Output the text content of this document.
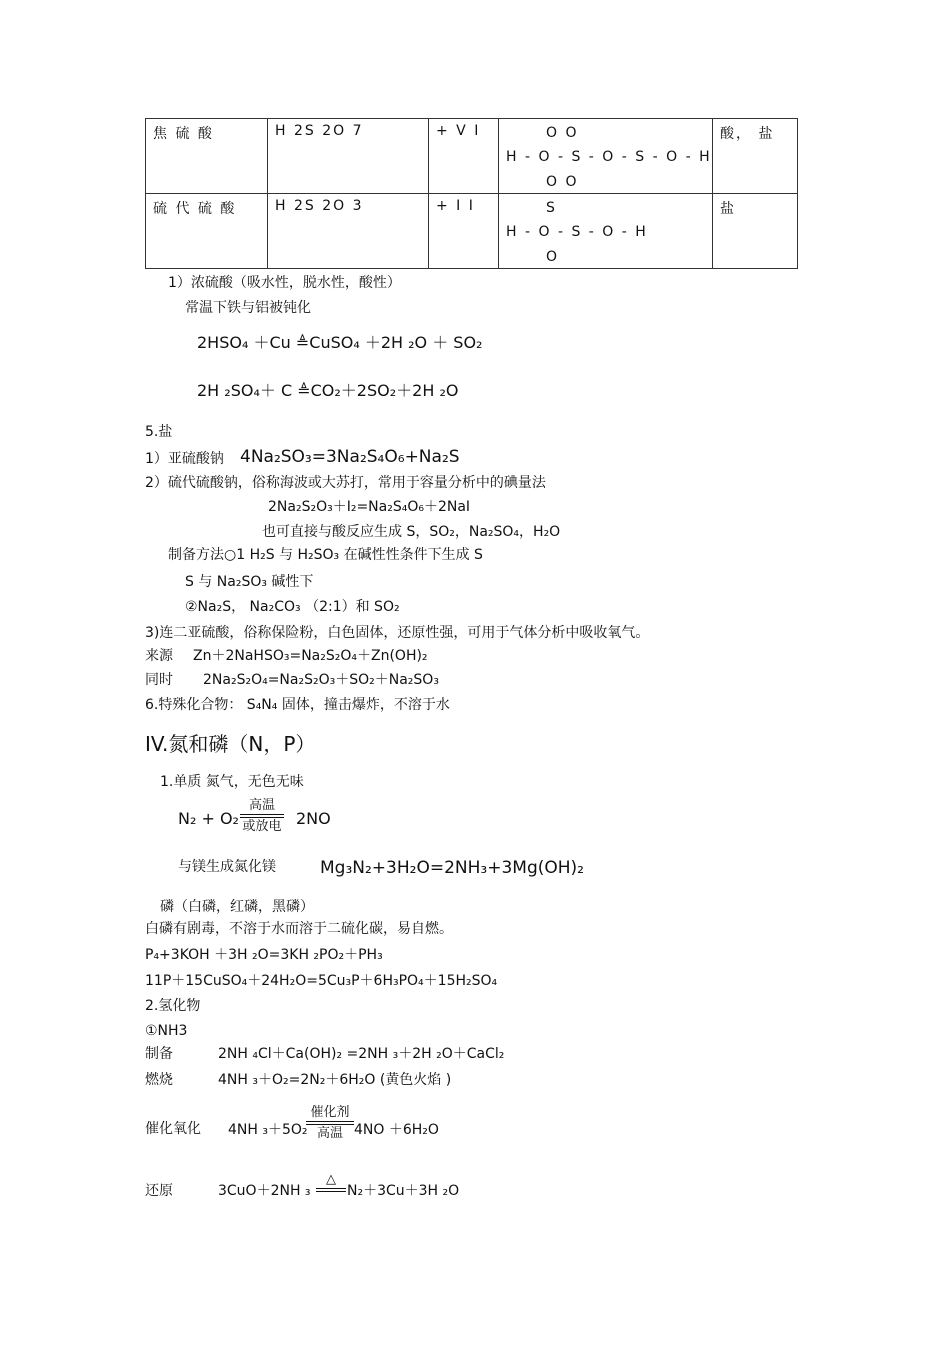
焦 硫 酸	H 2S 2O 7	+ V I	O O
H - O - S - O - S - O - H
O O	酸， 盐

硫 代 硫 酸	H 2S 2O 3	+ I I	S
H - O - S - O - H
O	盐
1）浓硫酸（吸水性，脱水性，酸性）
常温下铁与铝被钝化
2HSO₄ ＋Cu ≜CuSO₄ ＋2H ₂O ＋ SO₂
2H ₂SO₄＋ C ≜CO₂＋2SO₂＋2H ₂O
5.盐
1）亚硫酸钠 4Na₂SO₃=3Na₂S₄O₆+Na₂S
2）硫代硫酸钠，俗称海波或大苏打，常用于容量分析中的碘量法
2Na₂S₂O₃＋I₂=Na₂S₄O₆＋2NaI
也可直接与酸反应生成 S，SO₂，Na₂SO₄，H₂O
制备方法○1 H₂S 与 H₂SO₃ 在碱性性条件下生成 S
S 与 Na₂SO₃ 碱性下
②Na₂S， Na₂CO₃ （2:1）和 SO₂
3)连二亚硫酸，俗称保险粉，白色固体，还原性强，可用于气体分析中吸收氧气。
来源 Zn＋2NaHSO₃=Na₂S₂O₄＋Zn(OH)₂
同时 2Na₂S₂O₄=Na₂S₂O₃＋SO₂＋Na₂SO₃
6.特殊化合物： S₄N₄ 固体，撞击爆炸，不溶于水
IV.氮和磷（N，P）
1.单质 氮气，无色无味
N₂ + O₂
高温
或放电 2NO
与镁生成氮化镁	Mg₃N₂+3H₂O=2NH₃+3Mg(OH)₂
磷（白磷，红磷，黑磷）
白磷有剧毒，不溶于水而溶于二硫化碳，易自燃。
P₄+3KOH ＋3H ₂O=3KH ₂PO₂＋PH₃
11P＋15CuSO₄＋24H₂O=5Cu₃P＋6H₃PO₄＋15H₂SO₄
2.氢化物
①NH3
制备	2NH ₄Cl＋Ca(OH)₂ =2NH ₃＋2H ₂O＋CaCl₂
燃烧	4NH ₃＋O₂=2N₂＋6H₂O (黄色火焰 )
催化氧化 4NH ₃＋5O₂
催化剂
高温 4NO ＋6H₂O
还原	3CuO＋2NH ₃
△
N₂＋3Cu＋3H ₂O
